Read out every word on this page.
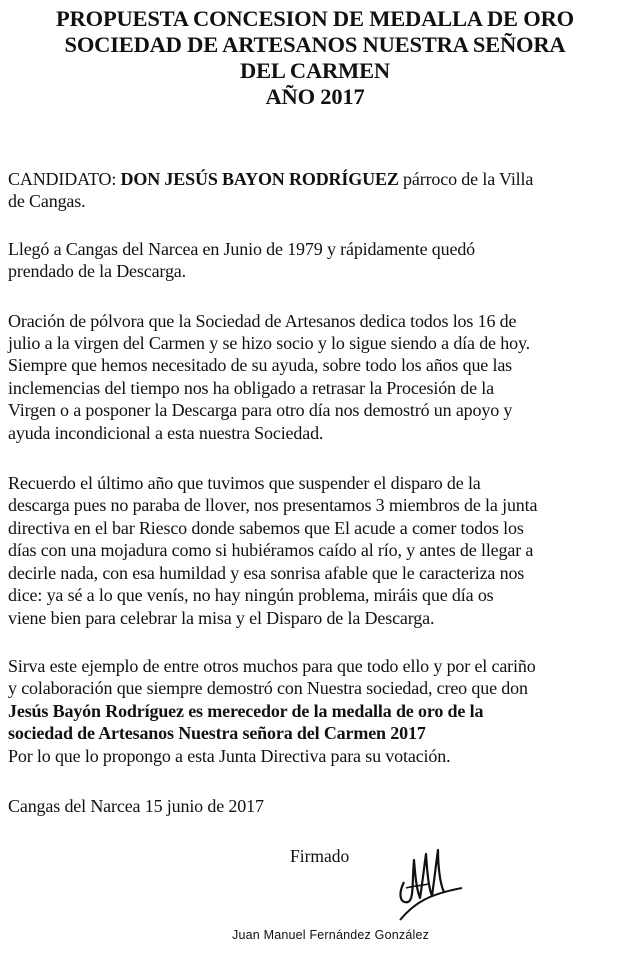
PROPUESTA CONCESION DE MEDALLA DE ORO
SOCIEDAD DE ARTESANOS NUESTRA SEÑORA
DEL CARMEN
AÑO 2017

CANDIDATO: DON JESÚS BAYON RODRÍGUEZ párroco de la Villa
de Cangas.

Llegó a Cangas del Narcea en Junio de 1979 y rápidamente quedó
prendado de la Descarga.

Oración de pólvora que la Sociedad de Artesanos dedica todos los 16 de
julio a la virgen del Carmen y se hizo socio y lo sigue siendo a día de hoy.
Siempre que hemos necesitado de su ayuda, sobre todo los años que las
inclemencias del tiempo nos ha obligado a retrasar la Procesión de la
Virgen o a posponer la Descarga para otro día nos demostró un apoyo y
ayuda incondicional a esta nuestra Sociedad.

Recuerdo el último año que tuvimos que suspender el disparo de la
descarga pues no paraba de llover, nos presentamos 3 miembros de la junta
directiva en el bar Riesco donde sabemos que El acude a comer todos los
días con una mojadura como si hubiéramos caído al río, y antes de llegar a
decirle nada, con esa humildad y esa sonrisa afable que le caracteriza nos
dice: ya sé a lo que venís, no hay ningún problema, miráis que día os
viene bien para celebrar la misa y el Disparo de la Descarga.

Sirva este ejemplo de entre otros muchos para que todo ello y por el cariño
y colaboración que siempre demostró con Nuestra sociedad, creo que don
Jesús Bayón Rodríguez es merecedor de la medalla de oro de la
sociedad de Artesanos Nuestra señora del Carmen 2017
Por lo que lo propongo a esta Junta Directiva para su votación.

Cangas del Narcea 15 junio de 2017

Firmado
Juan Manuel Fernández González
